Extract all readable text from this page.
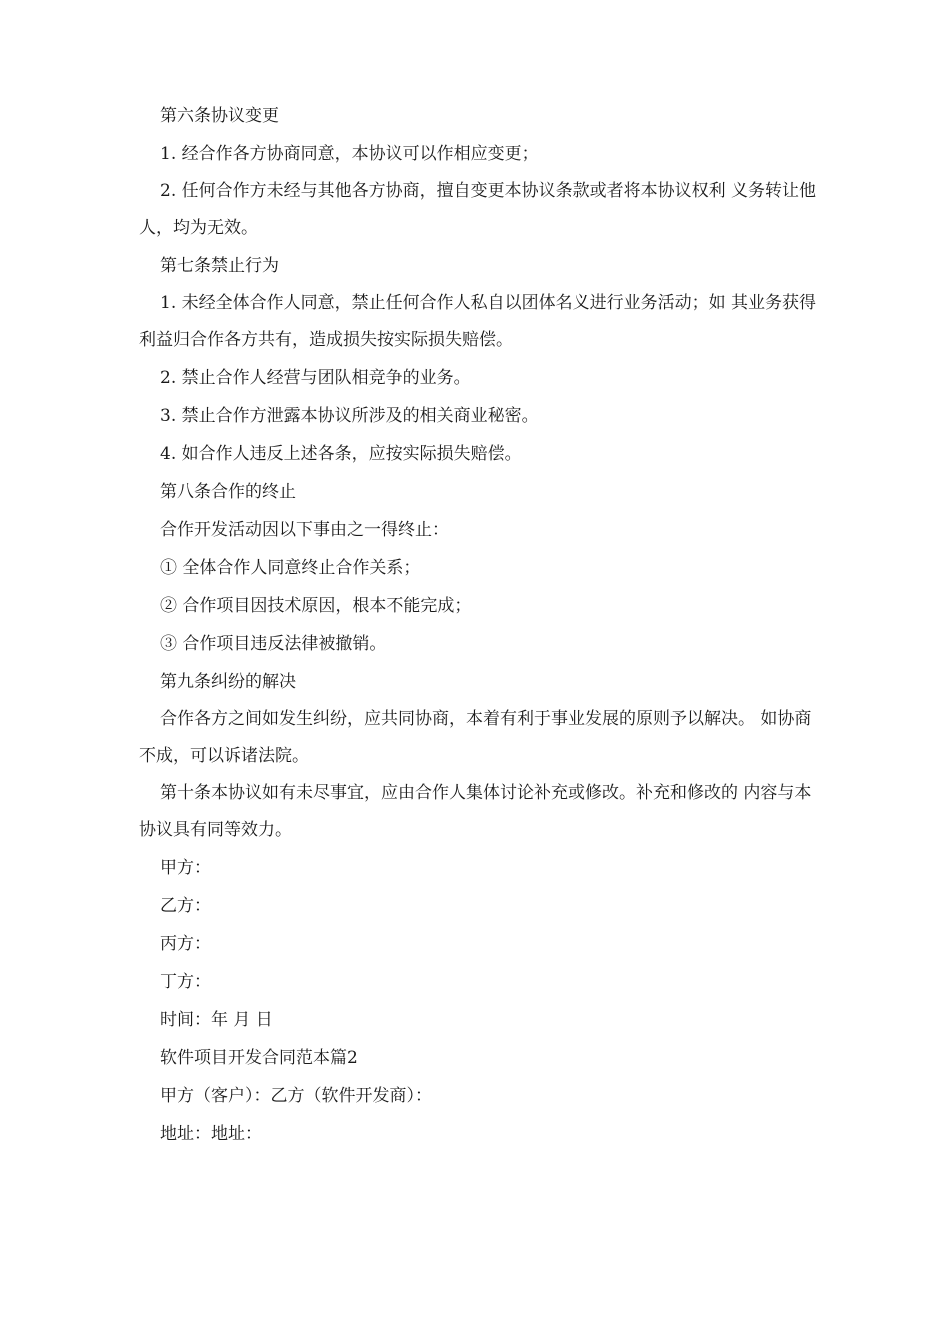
第六条协议变更

1. 经合作各方协商同意，本协议可以作相应变更；

2. 任何合作方未经与其他各方协商，擅自变更本协议条款或者将本协议权利 义务转让他人，均为无效。

第七条禁止行为

1. 未经全体合作人同意，禁止任何合作人私自以团体名义进行业务活动；如 其业务获得利益归合作各方共有，造成损失按实际损失赔偿。

2. 禁止合作人经营与团队相竞争的业务。

3. 禁止合作方泄露本协议所涉及的相关商业秘密。

4. 如合作人违反上述各条，应按实际损失赔偿。

第八条合作的终止

合作开发活动因以下事由之一得终止：

① 全体合作人同意终止合作关系；

② 合作项目因技术原因，根本不能完成；

③ 合作项目违反法律被撤销。

第九条纠纷的解决

合作各方之间如发生纠纷，应共同协商，本着有利于事业发展的原则予以解决。 如协商不成，可以诉诸法院。

第十条本协议如有未尽事宜，应由合作人集体讨论补充或修改。补充和修改的 内容与本协议具有同等效力。

甲方：

乙方：

丙方：

丁方：

时间：年 月 日

软件项目开发合同范本篇2

甲方（客户）：乙方（软件开发商）：

地址：地址：
